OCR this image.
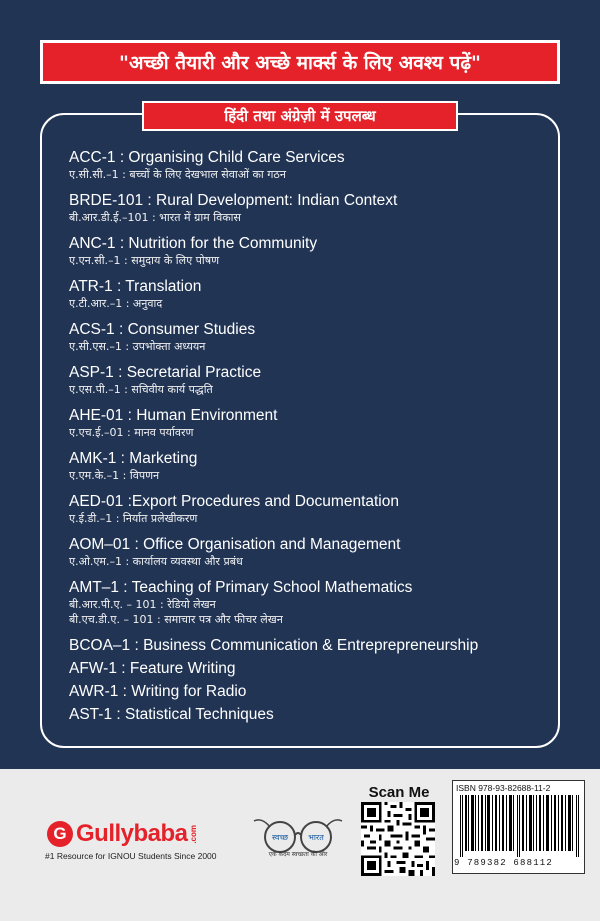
"अच्छी तैयारी और अच्छे मार्क्स के लिए अवश्य पढ़ें"
हिंदी तथा अंग्रेज़ी में उपलब्ध
ACC-1 : Organising Child Care Services
ए.सी.सी.–1 : बच्चों के लिए देखभाल सेवाओं का गठन
BRDE-101 : Rural Development: Indian Context
बी.आर.डी.ई.–101 : भारत में ग्राम विकास
ANC-1 : Nutrition for the Community
ए.एन.सी.–1 : समुदाय के लिए पोषण
ATR-1 : Translation
ए.टी.आर.–1 : अनुवाद
ACS-1 : Consumer Studies
ए.सी.एस.–1 : उपभोक्ता अध्ययन
ASP-1 : Secretarial Practice
ए.एस.पी.–1 : सचिवीय कार्य पद्धति
AHE-01 : Human Environment
ए.एच.ई.–01 : मानव पर्यावरण
AMK-1 : Marketing
ए.एम.के.–1 : विपणन
AED-01 :Export Procedures and Documentation
ए.ई.डी.–1 : निर्यात प्रलेखीकरण
AOM–01 : Office Organisation and Management
ए.ओ.एम.–1 : कार्यालय व्यवस्था और प्रबंध
AMT–1 : Teaching of Primary School Mathematics
बी.आर.पी.ए. – 101 : रेडियो लेखन
बी.एच.डी.ए. – 101 : समाचार पत्र और फीचर लेखन
BCOA–1 : Business Communication & Entreprepreneurship
AFW-1 : Feature Writing
AWR-1 : Writing for Radio
AST-1 : Statistical Techniques
G Gullybaba .com
#1 Resource for IGNOU Students Since 2000
स्वच्छ	भारत
एक कदम स्वच्छता की ओर
Scan Me	ISBN 978-93-82688-11-2
9 789382 688112
